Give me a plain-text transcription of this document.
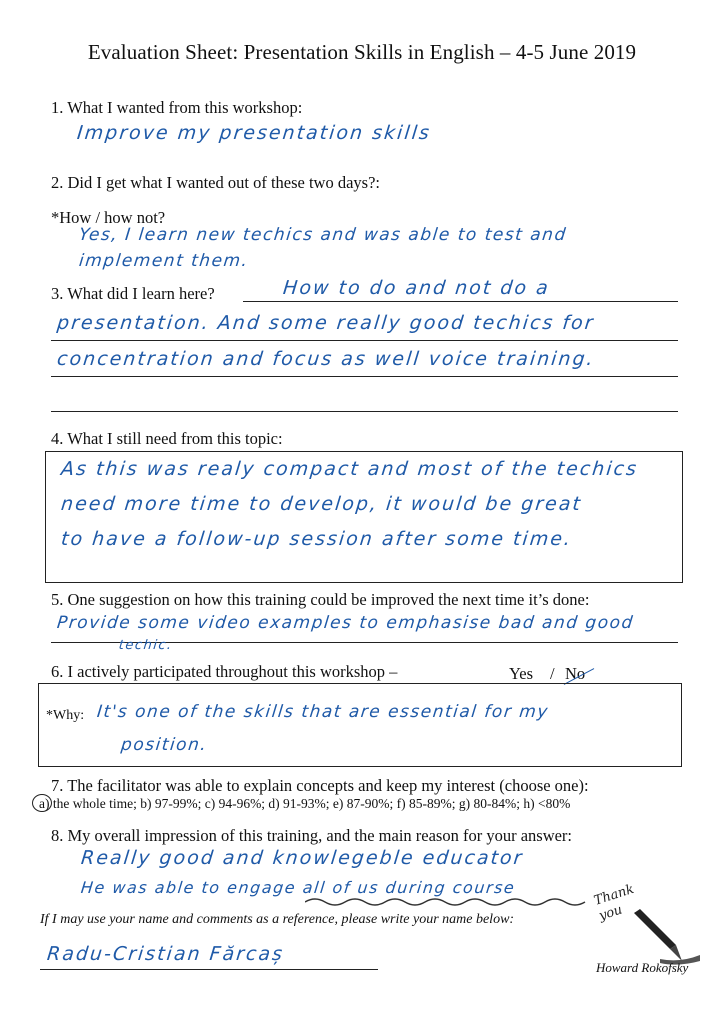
Evaluation Sheet: Presentation Skills in English – 4-5 June 2019
1. What I wanted from this workshop:
Improve my presentation skills
2. Did I get what I wanted out of these two days?:
*How / how not?
Yes, I learn new techics and was able to test and
implement them.
3. What did I learn here?	How to do and not do a
presentation. And some really good techics for
concentration and focus as well voice training.
4. What I still need from this topic:
As this was realy compact and most of the techics
need more time to develop, it would be great
to have a follow-up session after some time.
5. One suggestion on how this training could be improved the next time it’s done:
Provide some video examples to emphasise bad and good
techic.
6. I actively participated throughout this workshop –	Yes / No
*Why: It's one of the skills that are essential for my
position.
7. The facilitator was able to explain concepts and keep my interest (choose one):
a) the whole time; b) 97-99%; c) 94-96%; d) 91-93%; e) 87-90%; f) 85-89%; g) 80-84%; h) <80%
8. My overall impression of this training, and the main reason for your answer:
Really good and knowlegeble educator
He was able to engage all of us during course
If I may use your name and comments as a reference, please write your name below:
Radu-Cristian Fărcaș
Thank you
Howard Rokofsky
